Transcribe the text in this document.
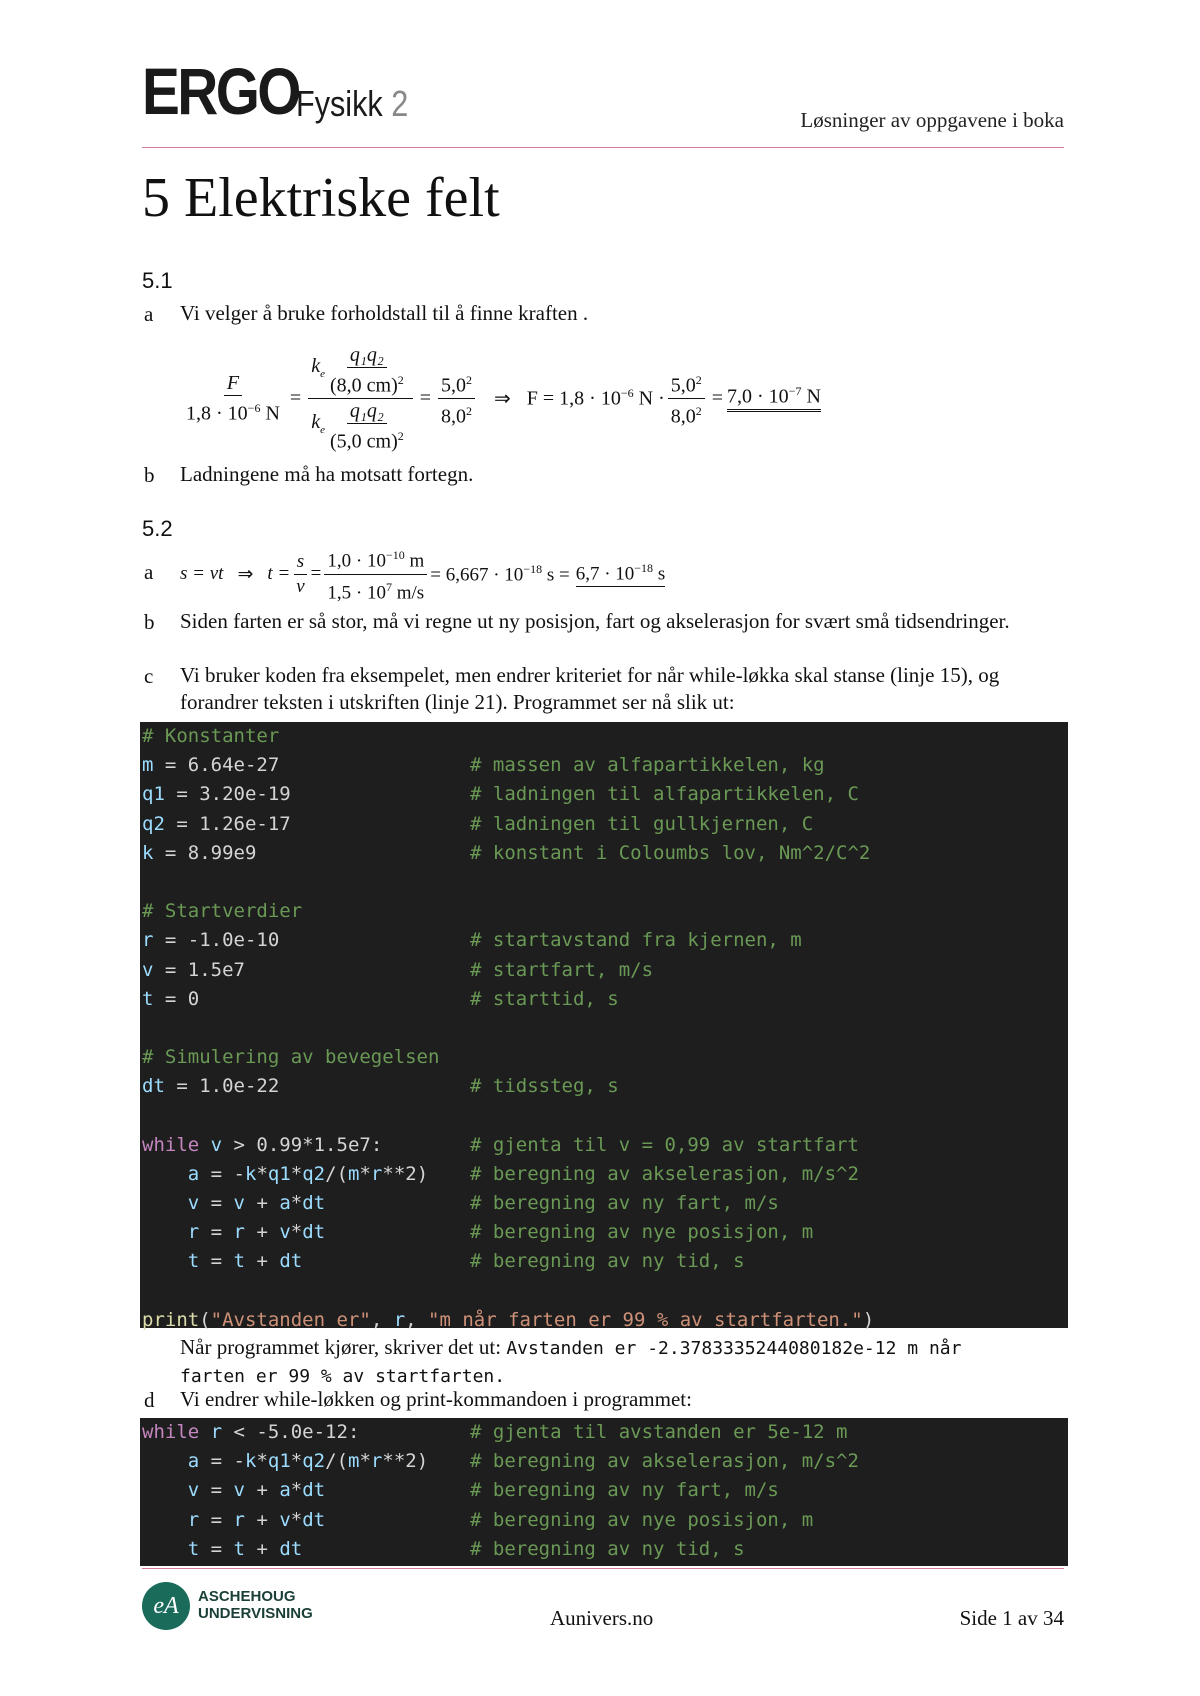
ERGO
Fysikk 2	Løsninger av oppgavene i boka
5 Elektriske felt
5.1
a Vi velger å bruke forholdstall til å finne kraften .
$\frac{F}{1,8 \cdot 10^{-6} N} = \frac{k_e \frac{\text{q₁q₂}}{(8,0 cm)^2}}{k_e \frac{\text{q₁q₂}}{(5,0 cm)^2}} = \frac{5,0^2}{8,0^2}$ ⇒ $F = 1,8 \cdot 10^{-6}$ $N \cdot \frac{5,0^2}{8,0^2} = 7,0 \cdot 10^{-7}$ N
b Ladningene må ha motsatt fortegn.
5.2
a s = vt ⇒ $t = \frac{s}{v} = \frac{1,0 \cdot 10^{-10} m}{1,5 \cdot 10^7 m/s} = 6,667 \cdot 10^{-18}$ $s = 6,7 \cdot 10^{-18}$ s
b Siden farten er så stor, må vi regne ut ny posisjon, fart og akselerasjon for svært små tidsendringer.
c Vi bruker koden fra eksempelet, men endrer kriteriet for når while-løkka skal stanse (linje 15), og forandrer teksten i utskriften (linje 21). Programmet ser nå slik ut:
# Konstanter
m = 6.64e-27	# massen av alfapartikkelen, kg
q1 = 3.20e-19	# ladningen til alfapartikkelen, C
q2 = 1.26e-17	# ladningen til gullkjernen, C
k = 8.99e9	# konstant i Coloumbs lov, Nm^2/C^2
# Startverdier
r = -1.0e-10	# startavstand fra kjernen, m
v = 1.5e7	# startfart, m/s
t = 0	# starttid, s
# Simulering av bevegelsen
dt = 1.0e-22	# tidssteg, s
while v > 0.99*1.5e7:	# gjenta til v = 0,99 av startfart
a = -k*q1*q2/(m*r**2) # beregning av akselerasjon, m/s^2
v = v + a*dt	# beregning av ny fart, m/s
r = r + v*dt	# beregning av nye posisjon, m
t = t + dt	# beregning av ny tid, s
print("Avstanden er", r, "m når farten er 99 % av startfarten.")
Når programmet kjører, skriver det ut: Avstanden er -2.3783335244080182e-12 m når
farten er 99 % av startfarten.
d Vi endrer while-løkken og print-kommandoen i programmet:
while r < -5.0e-12:	# gjenta til avstanden er 5e-12 m
a = -k*q1*q2/(m*r**2) # beregning av akselerasjon, m/s^2
v = v + a*dt	# beregning av ny fart, m/s
r = r + v*dt	# beregning av nye posisjon, m
t = t + dt	# beregning av ny tid, s
eA	ASCHEHOUG
UNDERVISNING	Aunivers.no	Side 1 av 34
